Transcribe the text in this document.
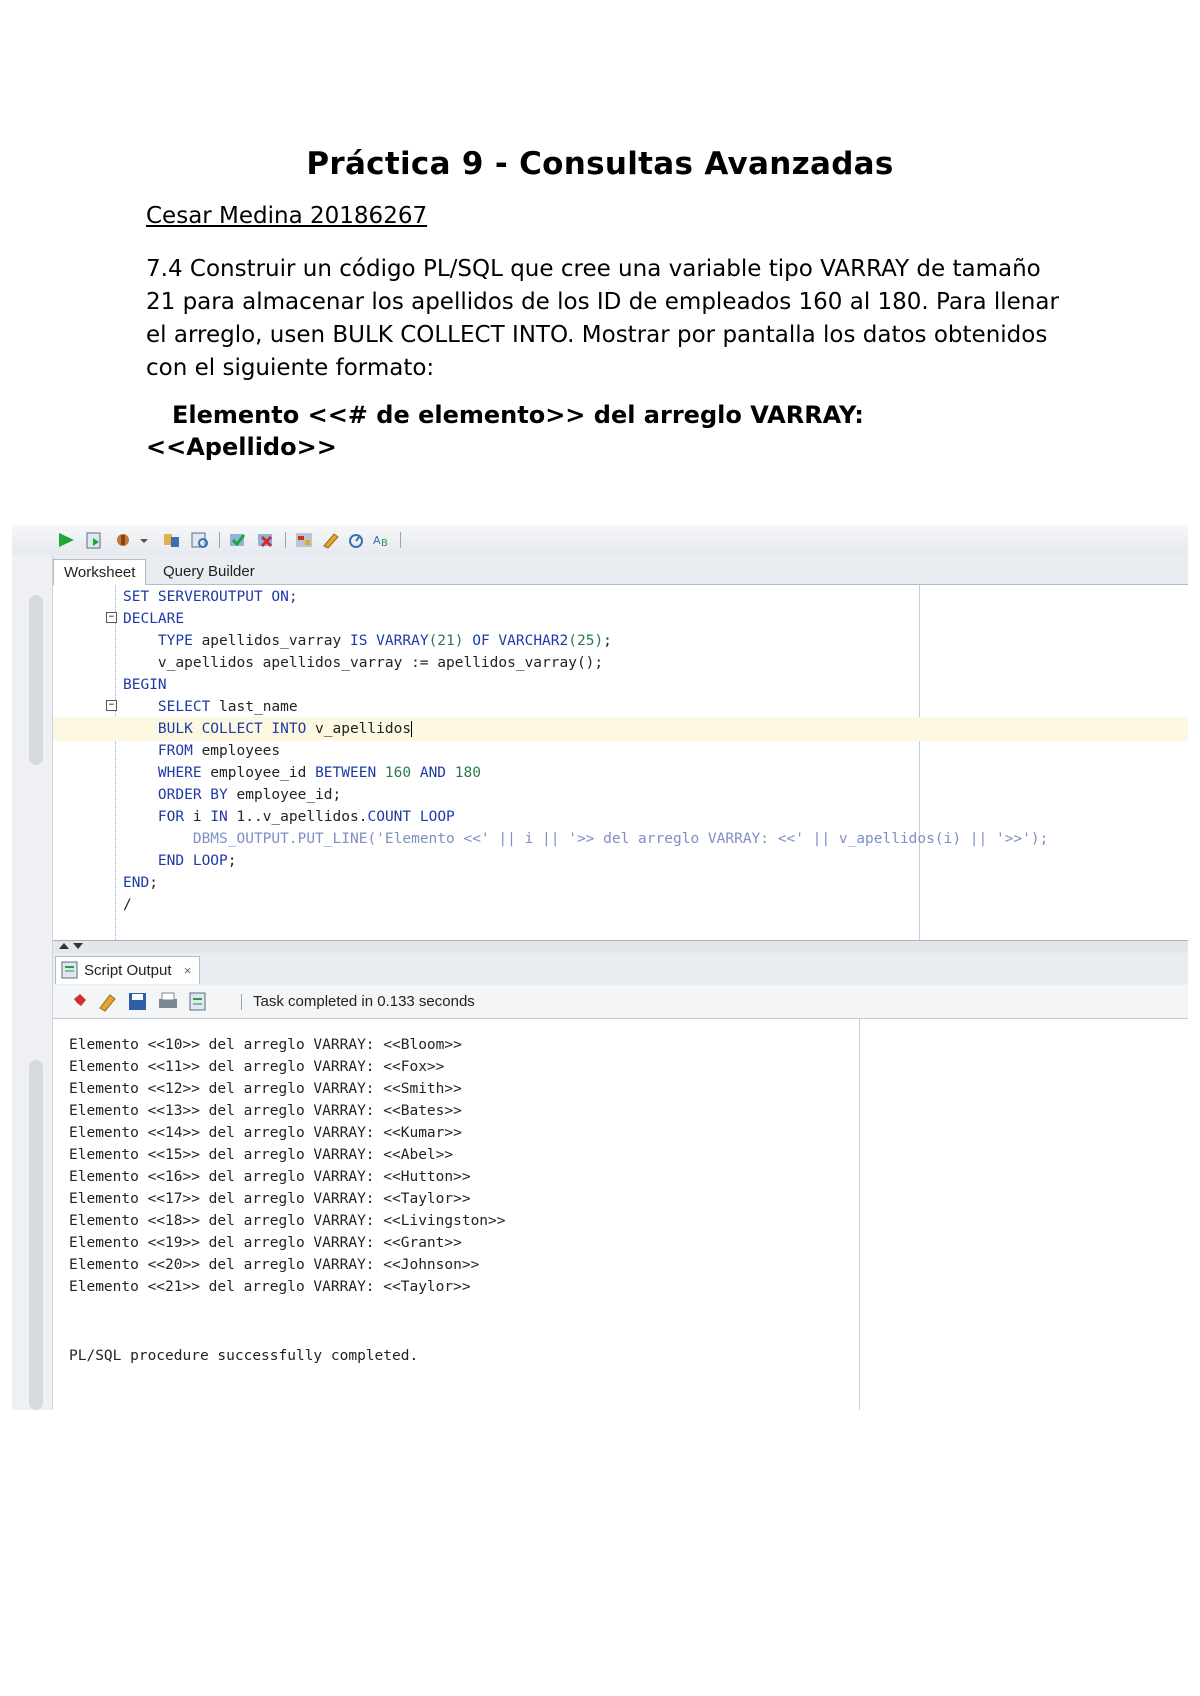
Práctica 9 - Consultas Avanzadas
Cesar Medina 20186267
7.4 Construir un código PL/SQL que cree una variable tipo VARRAY de tamaño 21 para almacenar los apellidos de los ID de empleados 160 al 180. Para llenar el arreglo, usen BULK COLLECT INTO. Mostrar por pantalla los datos obtenidos con el siguiente formato:
Elemento <<# de elemento>> del arreglo VARRAY:
<<Apellido>>
A B
Worksheet	Query Builder
−
−
SET SERVEROUTPUT ON;
DECLARE
TYPE apellidos_varray IS VARRAY(21) OF VARCHAR2(25);
v_apellidos apellidos_varray := apellidos_varray();
BEGIN
SELECT last_name
BULK COLLECT INTO v_apellidos
FROM employees
WHERE employee_id BETWEEN 160 AND 180
ORDER BY employee_id;
FOR i IN 1..v_apellidos.COUNT LOOP
DBMS_OUTPUT.PUT_LINE('Elemento <<' || i || '>> del arreglo VARRAY: <<' || v_apellidos(i) || '>>');
END LOOP;
END;
/
Script Output ×
Task completed in 0.133 seconds
Elemento <<10>> del arreglo VARRAY: <<Bloom>>
Elemento <<11>> del arreglo VARRAY: <<Fox>>
Elemento <<12>> del arreglo VARRAY: <<Smith>>
Elemento <<13>> del arreglo VARRAY: <<Bates>>
Elemento <<14>> del arreglo VARRAY: <<Kumar>>
Elemento <<15>> del arreglo VARRAY: <<Abel>>
Elemento <<16>> del arreglo VARRAY: <<Hutton>>
Elemento <<17>> del arreglo VARRAY: <<Taylor>>
Elemento <<18>> del arreglo VARRAY: <<Livingston>>
Elemento <<19>> del arreglo VARRAY: <<Grant>>
Elemento <<20>> del arreglo VARRAY: <<Johnson>>
Elemento <<21>> del arreglo VARRAY: <<Taylor>>
PL/SQL procedure successfully completed.
